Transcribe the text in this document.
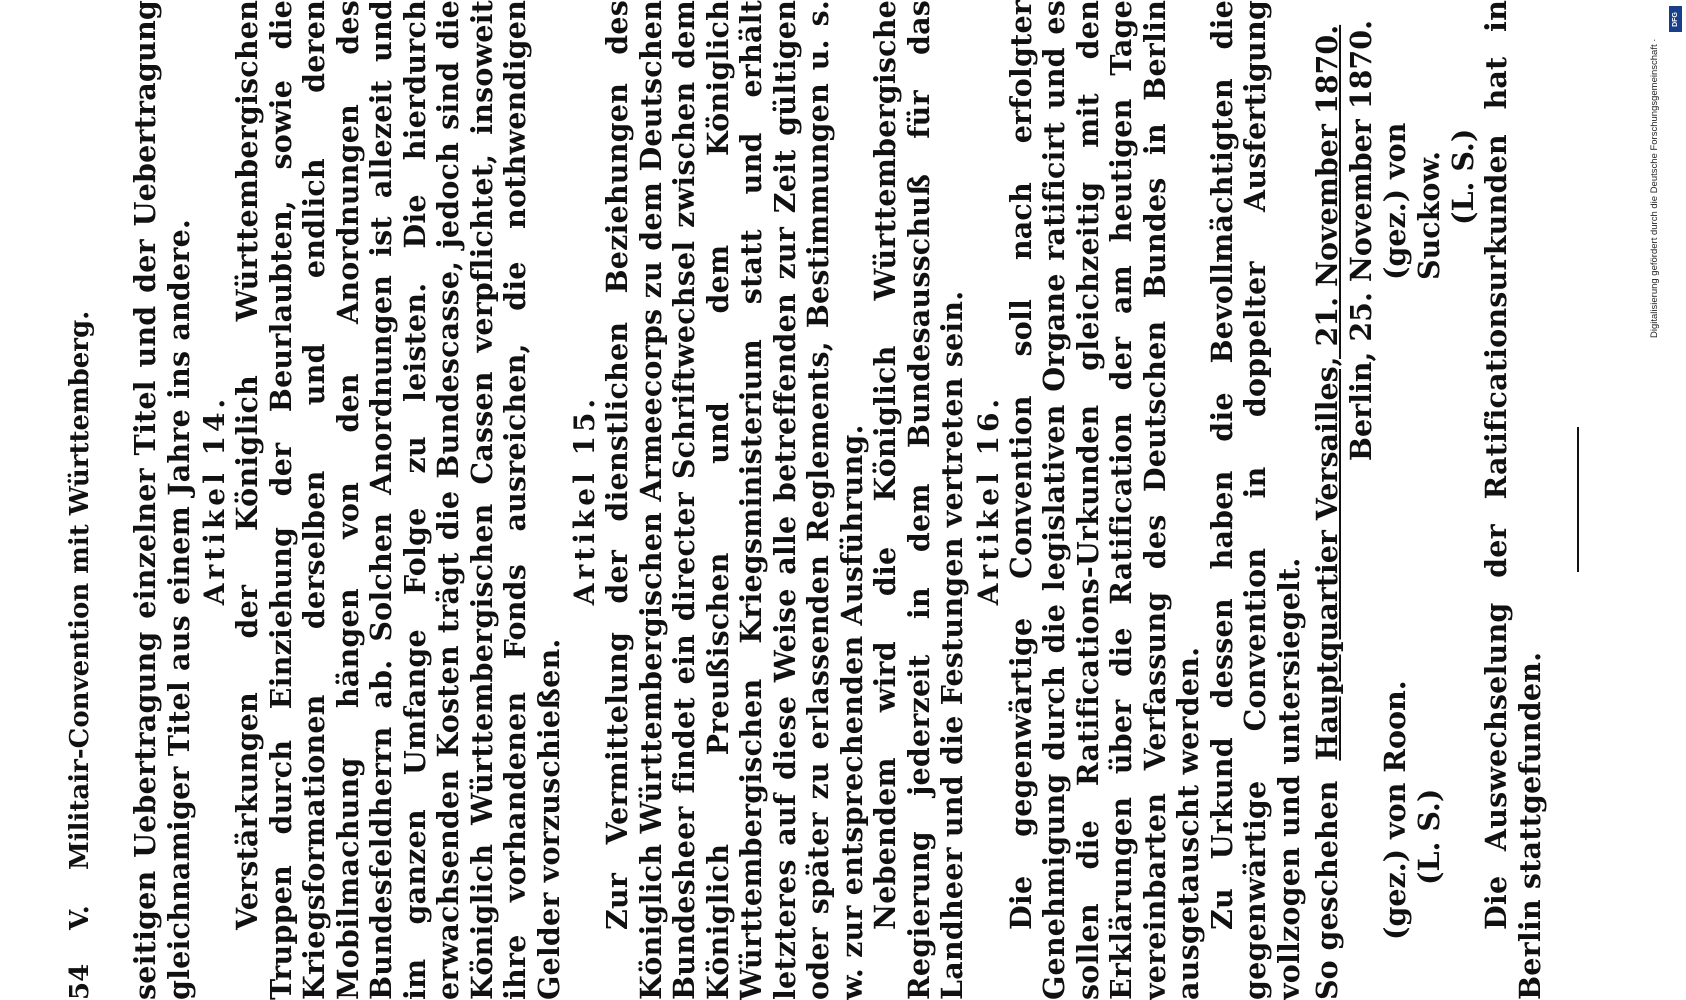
54
V.
Militair-Convention mit Württemberg. seitigen Uebertragung einzelner Titel und der Uebertragung gleichnamiger Titel aus einem Jahre ins andere. Artikel 14. Verstärkungen der Königlich Württembergischen Truppen durch Einziehung der Beurlaubten, sowie die Kriegsformationen derselben und endlich deren Mobilmachung hängen von den Anordnungen des Bundesfeldherrn ab. Solchen Anordnungen ist allezeit und im ganzen Umfange Folge zu leisten. Die hierdurch erwachsenden Kosten trägt die Bundescasse, jedoch sind die Königlich Württembergischen Cassen verpflichtet, insoweit ihre vorhandenen Fonds ausreichen, die nothwendigen Gelder vorzuschießen.

Artikel 15. Zur Vermittelung der dienstlichen Beziehungen des Königlich Württembergischen Armeecorps zu dem Deutschen Bundesheer findet ein directer Schriftwechsel zwischen dem Königlich Preußischen und dem Königlich Württembergischen Kriegsministerium statt und erhält letzteres auf diese Weise alle betreffenden zur Zeit gültigen oder später zu erlassenden Reglements, Bestimmungen u. s. w. zur entsprechenden Ausführung. Nebendem wird die Königlich Württembergische Regierung jederzeit in dem Bundesausschuß für das Landheer und die Festungen vertreten sein. Artikel 16. Die gegenwärtige Convention soll nach erfolgter Genehmigung durch die legislativen Organe ratificirt und es sollen die Ratifications-Urkunden gleichzeitig mit den Erklärungen über die Ratification der am heutigen Tage vereinbarten Verfassung des Deutschen Bundes in Berlin ausgetauscht werden. Zu Urkund dessen haben die Bevollmächtigten die gegenwärtige Convention in doppelter Ausfertigung vollzogen und untersiegelt. So geschehen
Hauptquartier Versailles, 21. November 1870. Berlin, 25. November 1870.
(gez.) von Roon. (L. S.)
(gez.) von Suckow. (L. S.) Die Auswechselung der Ratificationsurkunden hat in Berlin stattgefunden.

Digitalisierung gefördert durch die Deutsche Forschungsgemeinschaft ·
DFG
